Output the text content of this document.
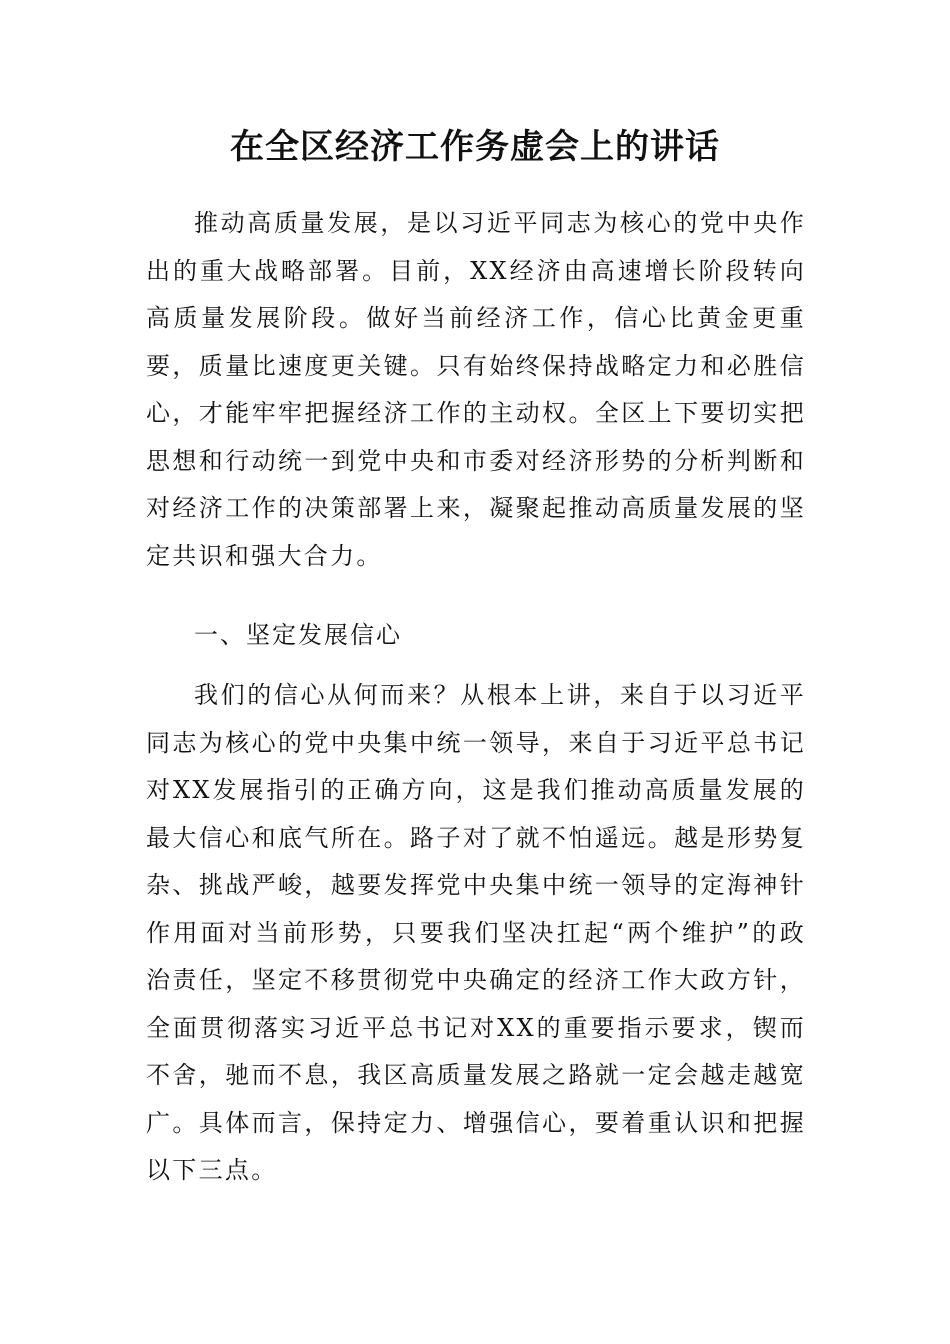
在全区经济工作务虚会上的讲话
推动高质量发展，是以习近平同志为核心的党中央作出的重大战略部署。目前，XX经济由高速增长阶段转向高质量发展阶段。做好当前经济工作，信心比黄金更重要，质量比速度更关键。只有始终保持战略定力和必胜信心，才能牢牢把握经济工作的主动权。全区上下要切实把思想和行动统一到党中央和市委对经济形势的分析判断和对经济工作的决策部署上来，凝聚起推动高质量发展的坚定共识和强大合力。
一、坚定发展信心
我们的信心从何而来？从根本上讲，来自于以习近平同志为核心的党中央集中统一领导，来自于习近平总书记对XX发展指引的正确方向，这是我们推动高质量发展的最大信心和底气所在。路子对了就不怕遥远。越是形势复杂、挑战严峻，越要发挥党中央集中统一领导的定海神针作用面对当前形势，只要我们坚决扛起“两个维护”的政治责任，坚定不移贯彻党中央确定的经济工作大政方针，全面贯彻落实习近平总书记对XX的重要指示要求，锲而不舍，驰而不息，我区高质量发展之路就一定会越走越宽广。具体而言，保持定力、增强信心，要着重认识和把握以下三点。
